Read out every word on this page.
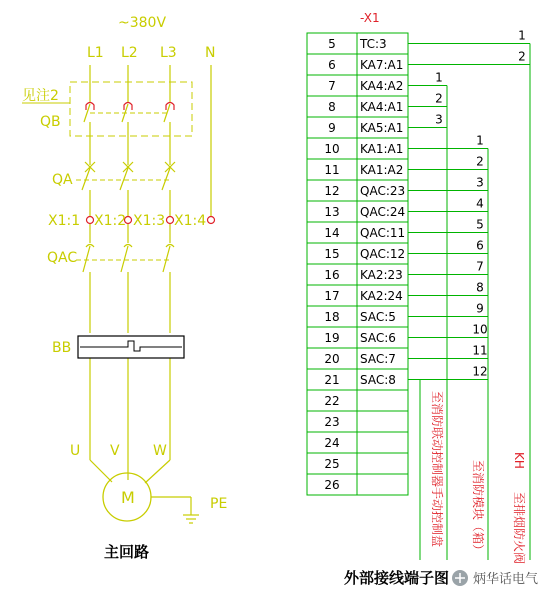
~380V
L1 L2 L3 N
见注2
QB
QA
X1:1 X1:2 X1:3 X1:4
QAC
BB
U V W
M	PE
主回路
-X1
5 TC:3
6 KA7:A1
7 KA4:A2
8 KA4:A1
9 KA5:A1
10 KA1:A1
11 KA1:A2
12 QAC:23
13 QAC:24
14 QAC:11
15 QAC:12
16 KA2:23
17 KA2:24
18 SAC:5
19 SAC:6
20 SAC:7
21 SAC:8
22
23
24
25
26
1
2
1
2
3
1
2
3
4
5
6
7
8
9
10
11
12
外部接线端子图
至消防联动控制器手动控制盘 至消防模块（箱） 至排烟防火阀
KH
炳华话电气
